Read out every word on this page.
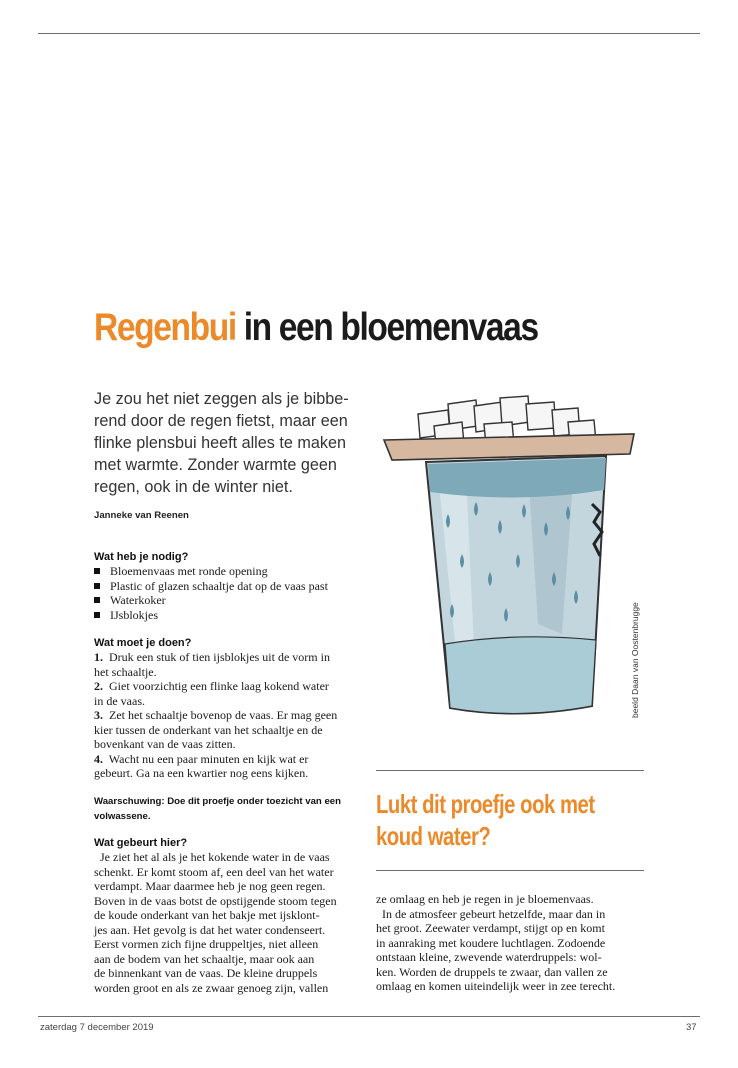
Regenbui in een bloemenvaas

Je zou het niet zeggen als je bibbe-

rend door de regen fietst, maar een

flinke plensbui heeft alles te maken

met warmte. Zonder warmte geen

regen, ook in de winter niet.

Janneke van Reenen

Wat heb je nodig?

Bloemenvaas met ronde opening
Plastic of glazen schaaltje dat op de vaas past
Waterkoker
IJsblokjes

Wat moet je doen?

1. Druk een stuk of tien ijsblokjes uit de vorm in

het schaaltje.

2. Giet voorzichtig een flinke laag kokend water

in de vaas.

3. Zet het schaaltje bovenop de vaas. Er mag geen

kier tussen de onderkant van het schaaltje en de

bovenkant van de vaas zitten.

4. Wacht nu een paar minuten en kijk wat er

gebeurt. Ga na een kwartier nog eens kijken.

Waarschuwing: Doe dit proefje onder toezicht van een
volwassene.

Wat gebeurt hier?

Je ziet het al als je het kokende water in de vaas

schenkt. Er komt stoom af, een deel van het water

verdampt. Maar daarmee heb je nog geen regen.

Boven in de vaas botst de opstijgende stoom tegen

de koude onderkant van het bakje met ijsklont-

jes aan. Het gevolg is dat het water condenseert.

Eerst vormen zich fijne druppeltjes, niet alleen

aan de bodem van het schaaltje, maar ook aan

de binnenkant van de vaas. De kleine druppels

worden groot en als ze zwaar genoeg zijn, vallen

beeld Daan van Oostenbrugge

Lukt dit proefje ook met

koud water?

ze omlaag en heb je regen in je bloemenvaas.

In de atmosfeer gebeurt hetzelfde, maar dan in

het groot. Zeewater verdampt, stijgt op en komt

in aanraking met koudere luchtlagen. Zodoende

ontstaan kleine, zwevende waterdruppels: wol-

ken. Worden de druppels te zwaar, dan vallen ze

omlaag en komen uiteindelijk weer in zee terecht.

zaterdag 7 december 2019	37
